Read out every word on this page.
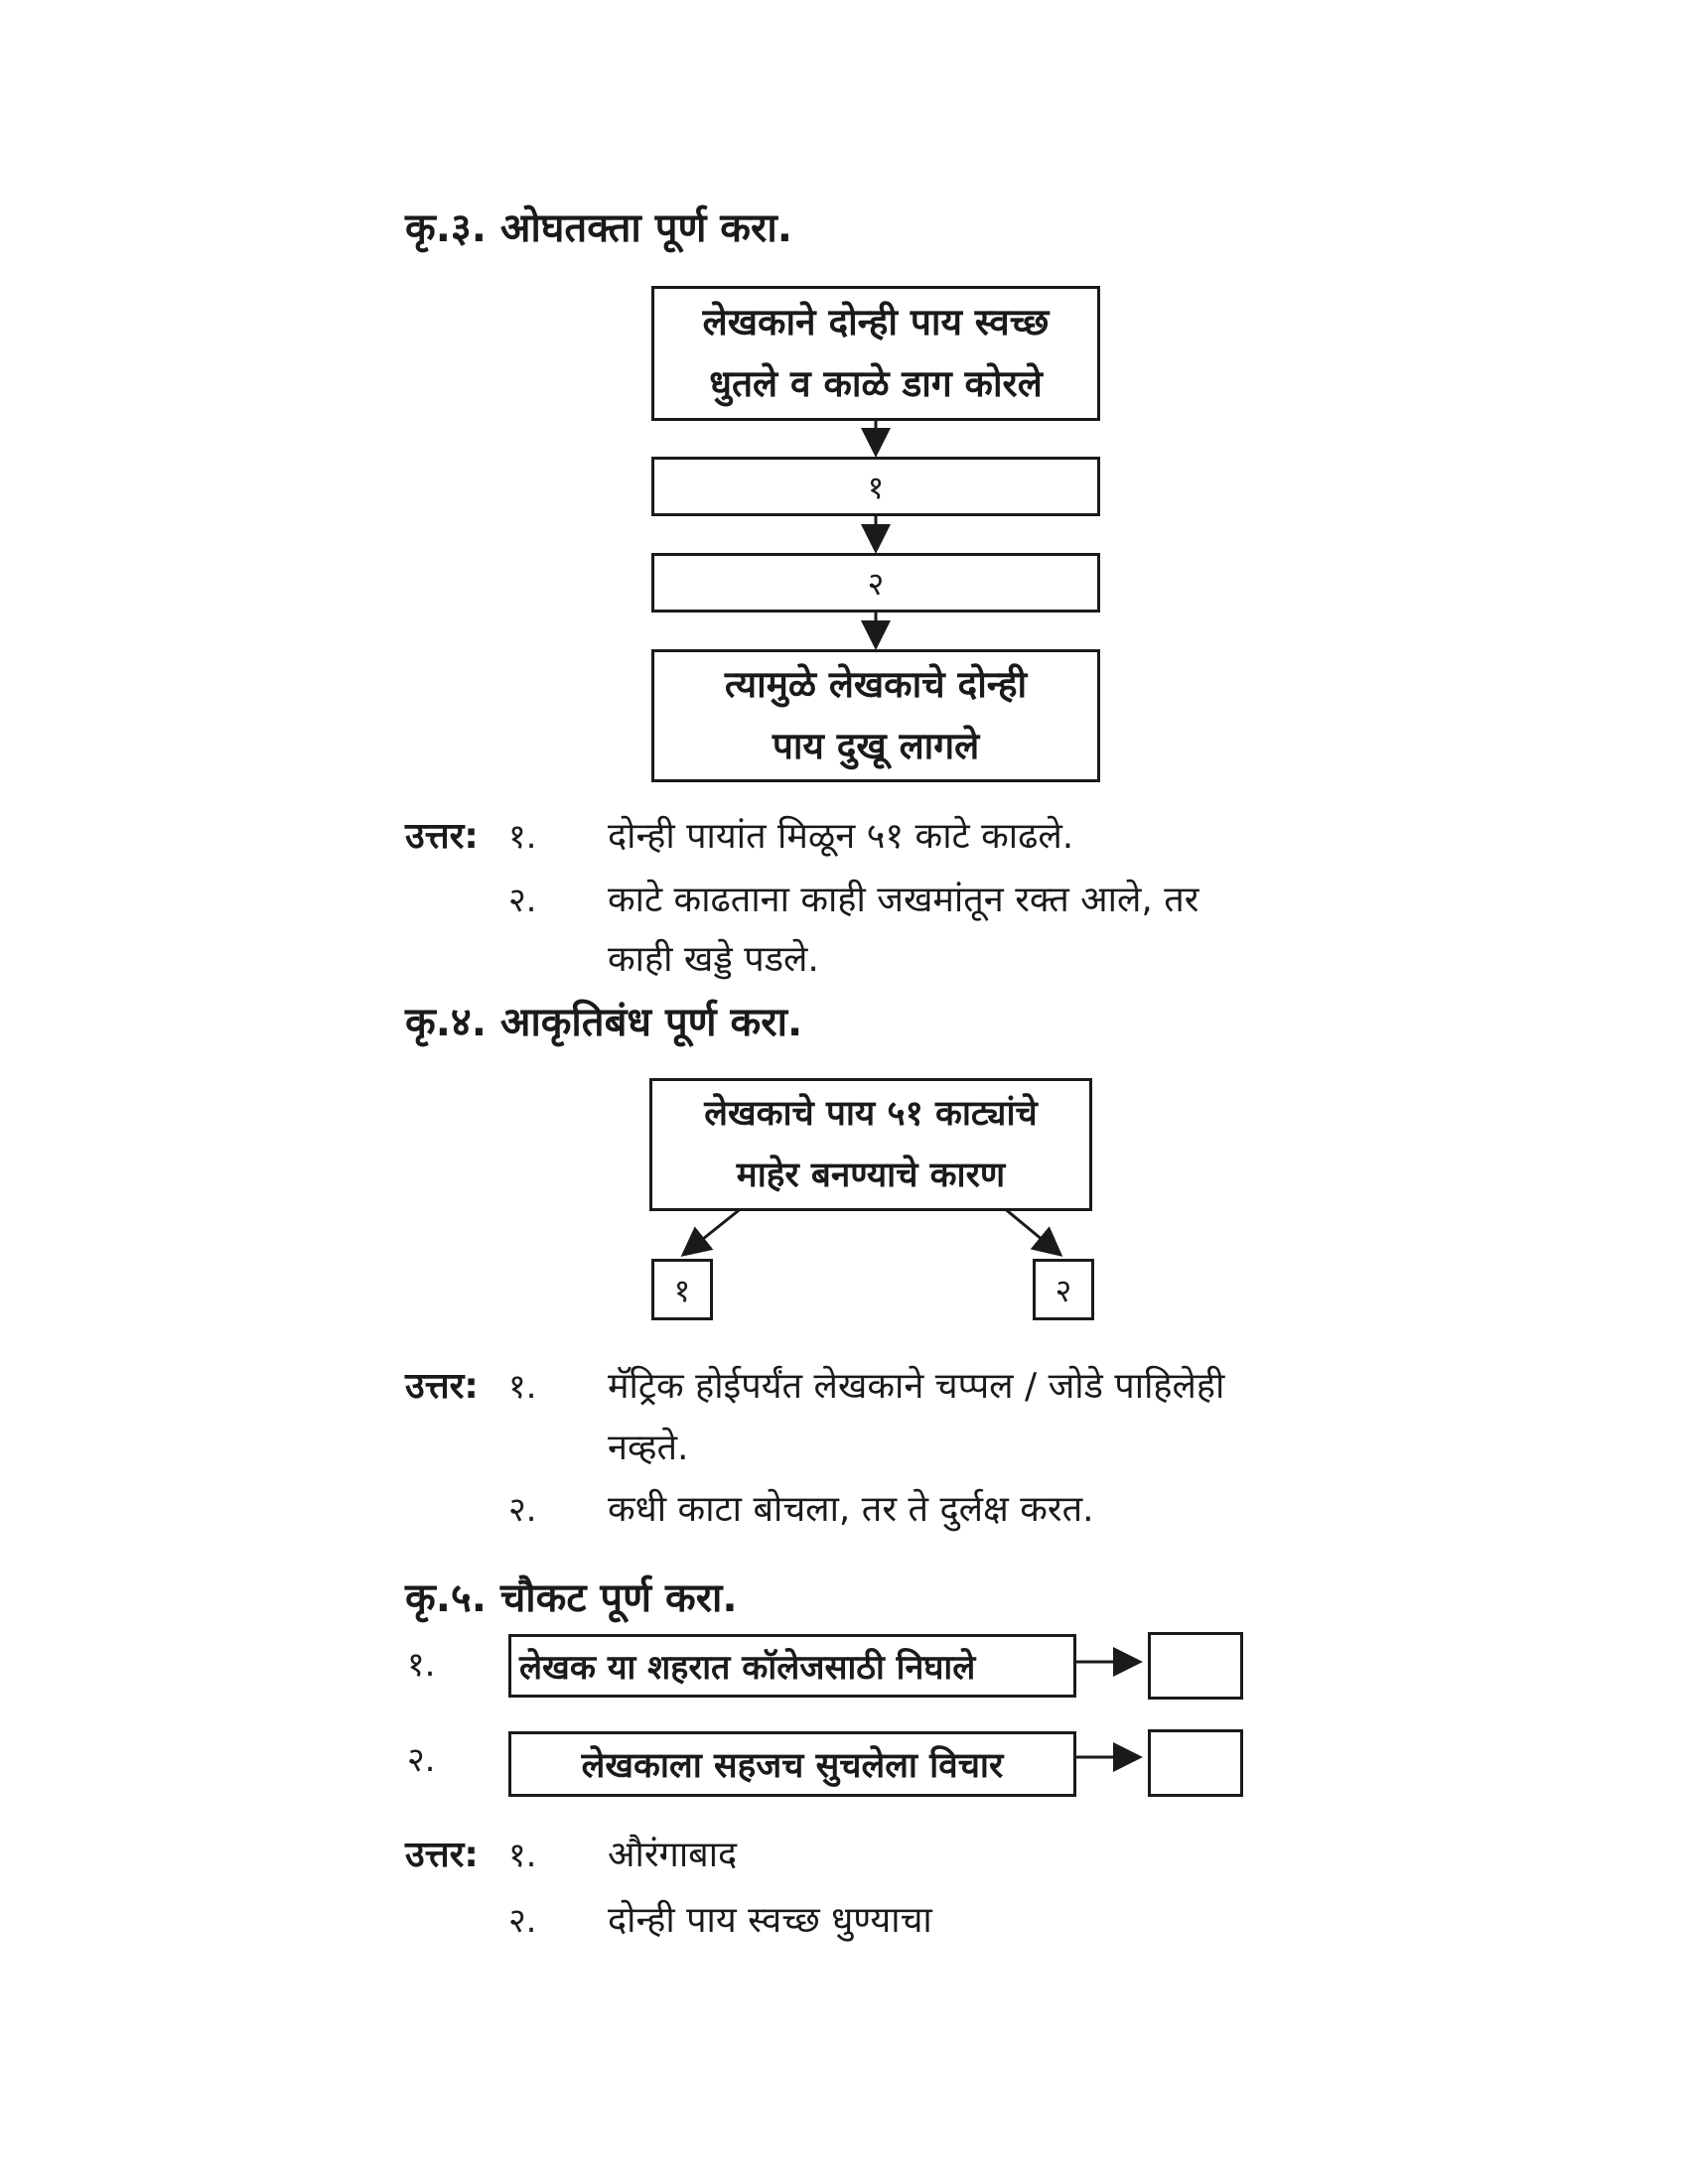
कृ.३. ओघतक्ता पूर्ण करा.
लेखकाने दोन्ही पाय स्वच्छ
धुतले व काळे डाग कोरले
१
२
त्यामुळे लेखकाचे दोन्ही
पाय दुखू लागले
उत्तर: १. दोन्ही पायांत मिळून ५१ काटे काढले.
२. काटे काढताना काही जखमांतून रक्त आले, तर
काही खड्डे पडले.
कृ.४. आकृतिबंध पूर्ण करा.
लेखकाचे पाय ५१ काट्यांचे
माहेर बनण्याचे कारण
१	२
उत्तर: १. मॅट्रिक होईपर्यंत लेखकाने चप्पल / जोडे पाहिलेही
नव्हते.
२. कधी काटा बोचला, तर ते दुर्लक्ष करत.
कृ.५. चौकट पूर्ण करा.
१. लेखक या शहरात कॉलेजसाठी निघाले
२.	लेखकाला सहजच सुचलेला विचार
उत्तर: १. औरंगाबाद
२. दोन्ही पाय स्वच्छ धुण्याचा
